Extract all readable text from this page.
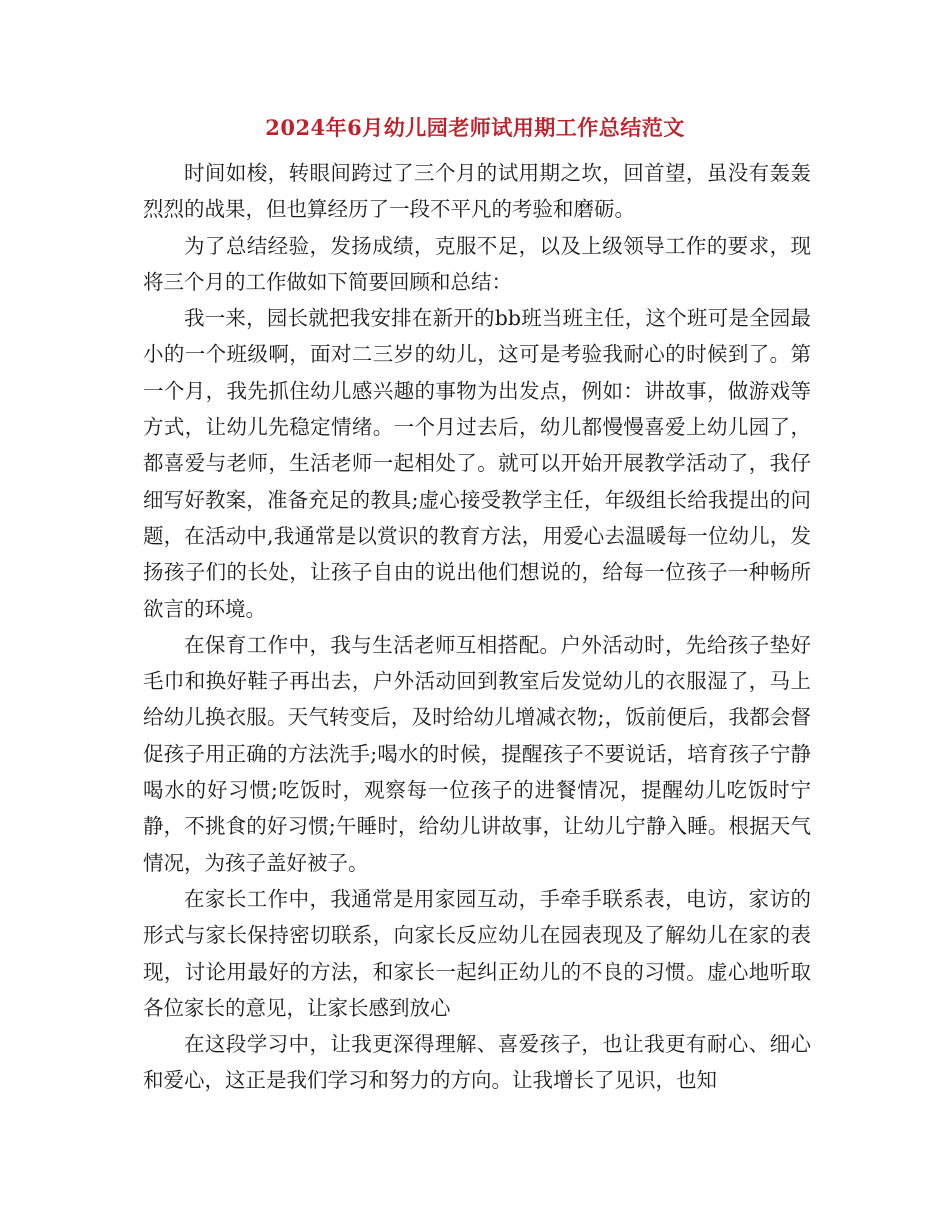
2024年6月幼儿园老师试用期工作总结范文

时间如梭，转眼间跨过了三个月的试用期之坎，回首望，虽没有轰轰烈烈的战果，但也算经历了一段不平凡的考验和磨砺。

为了总结经验，发扬成绩，克服不足，以及上级领导工作的要求，现将三个月的工作做如下简要回顾和总结：

我一来，园长就把我安排在新开的bb班当班主任，这个班可是全园最小的一个班级啊，面对二三岁的幼儿，这可是考验我耐心的时候到了。第一个月，我先抓住幼儿感兴趣的事物为出发点，例如：讲故事，做游戏等方式，让幼儿先稳定情绪。一个月过去后，幼儿都慢慢喜爱上幼儿园了，都喜爱与老师，生活老师一起相处了。就可以开始开展教学活动了，我仔细写好教案，准备充足的教具;虚心接受教学主任，年级组长给我提出的问题，在活动中,我通常是以赏识的教育方法，用爱心去温暖每一位幼儿，发扬孩子们的长处，让孩子自由的说出他们想说的，给每一位孩子一种畅所欲言的环境。

在保育工作中，我与生活老师互相搭配。户外活动时，先给孩子垫好毛巾和换好鞋子再出去，户外活动回到教室后发觉幼儿的衣服湿了，马上给幼儿换衣服。天气转变后，及时给幼儿增减衣物;，饭前便后，我都会督促孩子用正确的方法洗手;喝水的时候，提醒孩子不要说话，培育孩子宁静喝水的好习惯;吃饭时，观察每一位孩子的进餐情况，提醒幼儿吃饭时宁静，不挑食的好习惯;午睡时，给幼儿讲故事，让幼儿宁静入睡。根据天气情况，为孩子盖好被子。

在家长工作中，我通常是用家园互动，手牵手联系表，电访，家访的形式与家长保持密切联系，向家长反应幼儿在园表现及了解幼儿在家的表现，讨论用最好的方法，和家长一起纠正幼儿的不良的习惯。虚心地听取各位家长的意见，让家长感到放心

在这段学习中，让我更深得理解、喜爱孩子，也让我更有耐心、细心和爱心，这正是我们学习和努力的方向。让我增长了见识，也知
